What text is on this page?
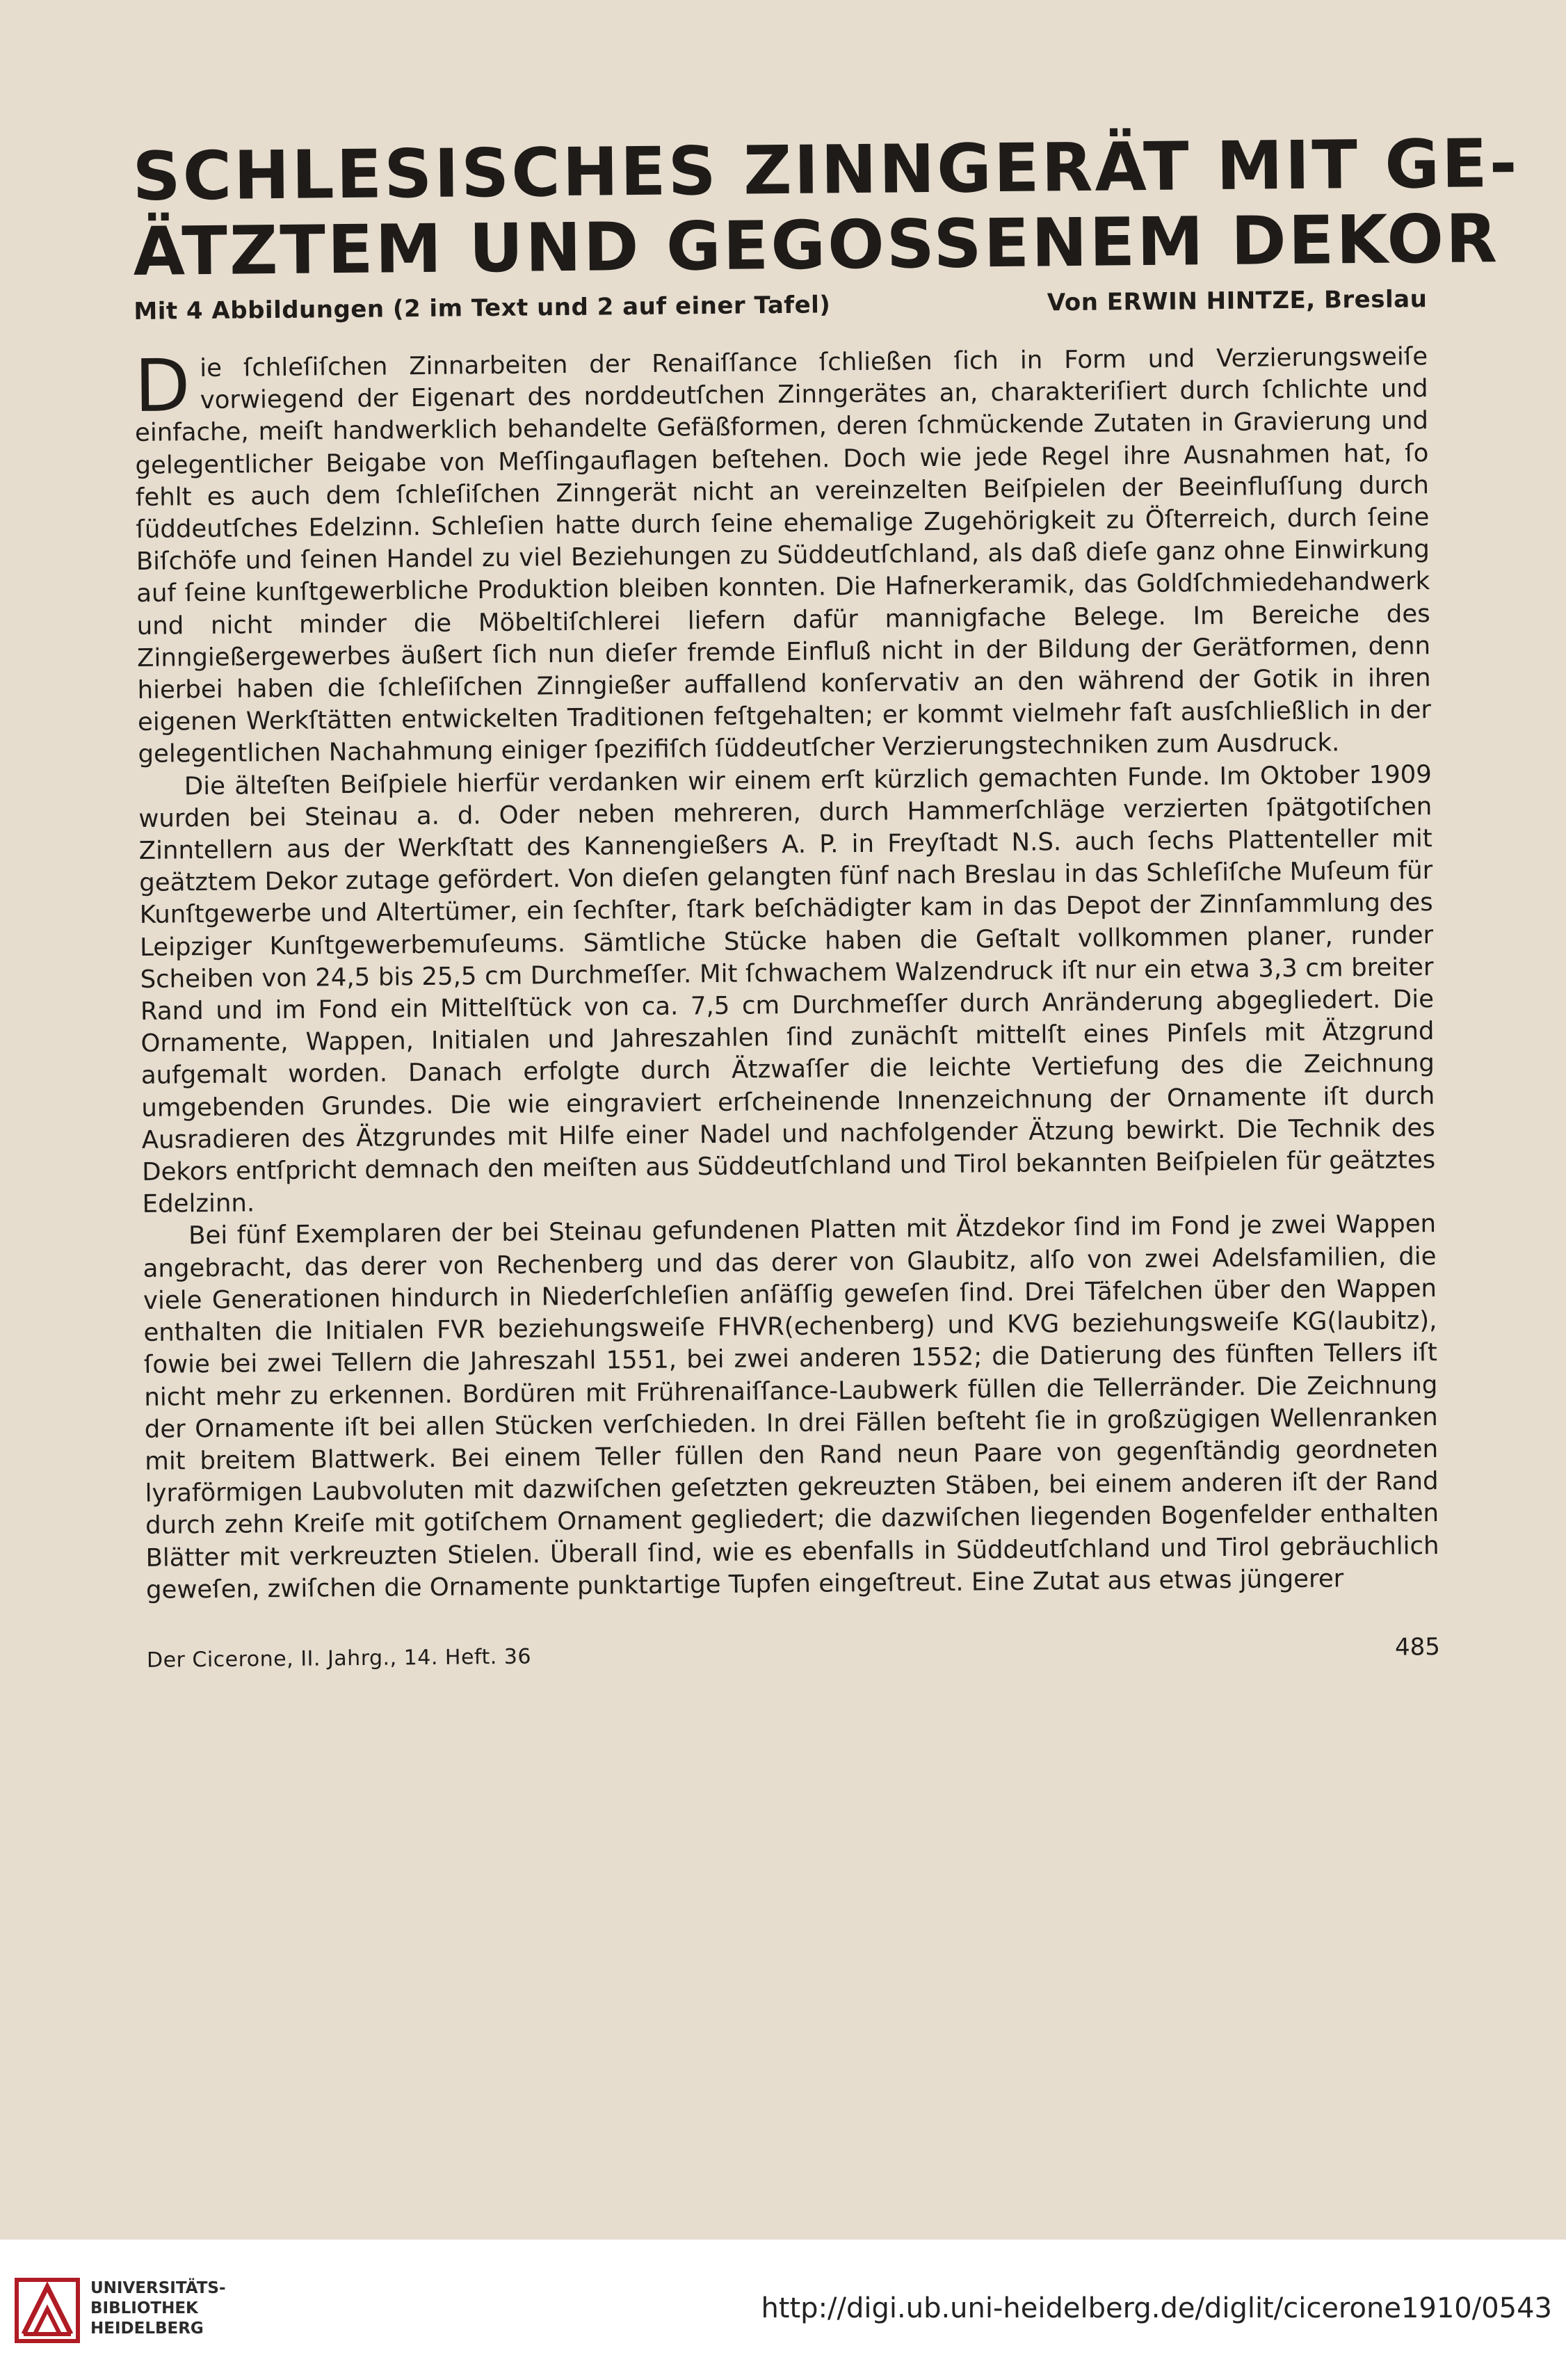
SCHLESISCHES ZINNGERÄT MIT GE-
ÄTZTEM UND GEGOSSENEM DEKOR
Mit 4 Abbildungen (2 im Text und 2 auf einer Tafel)	Von ERWIN HINTZE, Breslau

Die ſchleſiſchen Zinnarbeiten der Renaiſſance ſchließen ſich in Form und Verzierungsweiſe vorwiegend der Eigenart des norddeutſchen Zinngerätes an, charakteriſiert durch ſchlichte und einfache, meiſt handwerklich behandelte Gefäßformen, deren ſchmückende Zutaten in Gravierung und gelegentlicher Beigabe von Meſſingauflagen beſtehen. Doch wie jede Regel ihre Ausnahmen hat, ſo fehlt es auch dem ſchleſiſchen Zinngerät nicht an vereinzelten Beiſpielen der Beeinfluſſung durch ſüddeutſches Edelzinn. Schleſien hatte durch ſeine ehemalige Zugehörigkeit zu Öſterreich, durch ſeine Biſchöfe und ſeinen Handel zu viel Beziehungen zu Süddeutſchland, als daß dieſe ganz ohne Einwirkung auf ſeine kunſtgewerbliche Produktion bleiben konnten. Die Hafnerkeramik, das Goldſchmiedehandwerk und nicht minder die Möbeltiſchlerei liefern dafür mannigfache Belege. Im Bereiche des Zinngießergewerbes äußert ſich nun dieſer fremde Einfluß nicht in der Bildung der Gerätformen, denn hierbei haben die ſchleſiſchen Zinngießer auffallend konſervativ an den während der Gotik in ihren eigenen Werkſtätten entwickelten Traditionen feſtgehalten; er kommt vielmehr faſt ausſchließlich in der gelegentlichen Nachahmung einiger ſpezifiſch ſüddeutſcher Verzierungstechniken zum Ausdruck.

Die älteſten Beiſpiele hierfür verdanken wir einem erſt kürzlich gemachten Funde. Im Oktober 1909 wurden bei Steinau a. d. Oder neben mehreren, durch Hammerſchläge verzierten ſpätgotiſchen Zinntellern aus der Werkſtatt des Kannengießers A. P. in Freyſtadt N.S. auch ſechs Plattenteller mit geätztem Dekor zutage gefördert. Von dieſen gelangten fünf nach Breslau in das Schleſiſche Muſeum für Kunſtgewerbe und Altertümer, ein ſechſter, ſtark beſchädigter kam in das Depot der Zinnſammlung des Leipziger Kunſtgewerbemuſeums. Sämtliche Stücke haben die Geſtalt vollkommen planer, runder Scheiben von 24,5 bis 25,5 cm Durchmeſſer. Mit ſchwachem Walzendruck iſt nur ein etwa 3,3 cm breiter Rand und im Fond ein Mittelſtück von ca. 7,5 cm Durchmeſſer durch Anränderung abgegliedert. Die Ornamente, Wappen, Initialen und Jahreszahlen ſind zunächſt mittelſt eines Pinſels mit Ätzgrund aufgemalt worden. Danach erfolgte durch Ätzwaſſer die leichte Vertiefung des die Zeichnung umgebenden Grundes. Die wie eingraviert erſcheinende Innenzeichnung der Ornamente iſt durch Ausradieren des Ätzgrundes mit Hilfe einer Nadel und nachfolgender Ätzung bewirkt. Die Technik des Dekors entſpricht demnach den meiſten aus Süddeutſchland und Tirol bekannten Beiſpielen für geätztes Edelzinn.

Bei fünf Exemplaren der bei Steinau gefundenen Platten mit Ätzdekor ſind im Fond je zwei Wappen angebracht, das derer von Rechenberg und das derer von Glaubitz, alſo von zwei Adelsfamilien, die viele Generationen hindurch in Niederſchleſien anſäſſig geweſen ſind. Drei Täfelchen über den Wappen enthalten die Initialen FVR beziehungsweiſe FHVR(echenberg) und KVG beziehungsweiſe KG(laubitz), ſowie bei zwei Tellern die Jahreszahl 1551, bei zwei anderen 1552; die Datierung des fünften Tellers iſt nicht mehr zu erkennen. Bordüren mit Frührenaiſſance-Laubwerk füllen die Tellerränder. Die Zeichnung der Ornamente iſt bei allen Stücken verſchieden. In drei Fällen beſteht ſie in großzügigen Wellenranken mit breitem Blattwerk. Bei einem Teller füllen den Rand neun Paare von gegenſtändig geordneten lyraförmigen Laubvoluten mit dazwiſchen geſetzten gekreuzten Stäben, bei einem anderen iſt der Rand durch zehn Kreiſe mit gotiſchem Ornament gegliedert; die dazwiſchen liegenden Bogenfelder enthalten Blätter mit verkreuzten Stielen. Überall ſind, wie es ebenfalls in Süddeutſchland und Tirol gebräuchlich geweſen, zwiſchen die Ornamente punktartige Tupfen eingeſtreut. Eine Zutat aus etwas jüngerer

Der Cicerone, II. Jahrg., 14. Heft. 36	485
UNIVERSITÄTS-
BIBLIOTHEK
HEIDELBERG
http://digi.ub.uni-heidelberg.de/diglit/cicerone1910/0543
